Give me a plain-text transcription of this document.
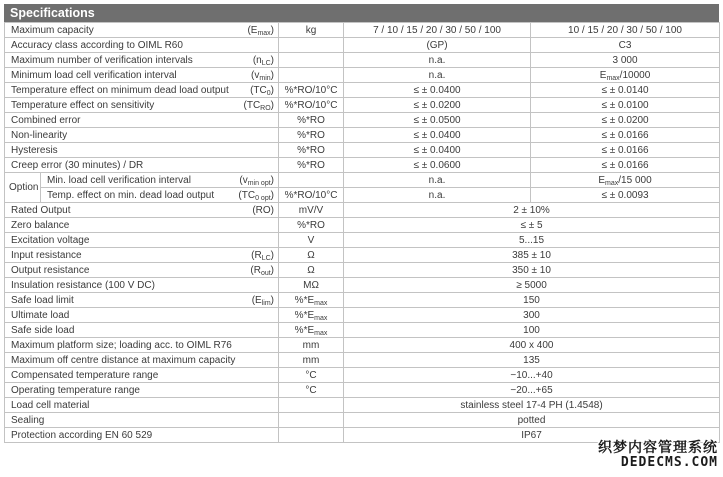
Specifications
Maximum capacity $(E_{max})$		kg	7 / 10 / 15 / 20 / 30 / 50 / 100	10 / 15 / 20 / 30 / 50 / 100

Accuracy class according to OIML R60			(GP)	C3

Maximum number of verification intervals $(n_{LC})$			n.a.	3 000

Minimum load cell verification interval $(v_{min})$			n.a.	$E_{max}/10000$

Temperature effect on minimum dead load output $(TC_0)$		%*RO/10°C	≤ ± 0.0400	≤ ± 0.0140

Temperature effect on sensitivity $(TC_{RO})$		%*RO/10°C	≤ ± 0.0200	≤ ± 0.0100

Combined error		%*RO	≤ ± 0.0500	≤ ± 0.0200

Non-linearity		%*RO	≤ ± 0.0400	≤ ± 0.0166

Hysteresis		%*RO	≤ ± 0.0400	≤ ± 0.0166

Creep error (30 minutes) / DR		%*RO	≤ ± 0.0600	≤ ± 0.0166
Option	Min. load cell verification interval $(v_{min opt})$		n.a.	$E_{max}/15$ 000

	Temp. effect on min. dead load output $(TC_{0 opt})$	%*RO/10°C	n.a.	≤ ± 0.0093

Rated Output (RO)		mV/V	2 ± 10%	

Zero balance		%*RO	≤ ± 5	

Excitation voltage		V	5...15	

Input resistance $(R_{LC})$		Ω	385 ± 10	

Output resistance $(R_{out})$		Ω	350 ± 10	

Insulation resistance (100 V DC)		MΩ	≥ 5000	

Safe load limit $(E_{lim})$		$\%*E_{max}$	150	

Ultimate load		$\%*E_{max}$	300	

Safe side load		$\%*E_{max}$	100	

Maximum platform size; loading acc. to OIML R76		mm	400 x 400	

Maximum off centre distance at maximum capacity		mm	135	

Compensated temperature range		°C	−10...+40	

Operating temperature range		°C	−20...+65	

Load cell material			stainless steel 17-4 PH (1.4548)	

Sealing			potted	

Protection according EN 60 529			IP67	
织梦内容管理系统
DEDECMS.COM
